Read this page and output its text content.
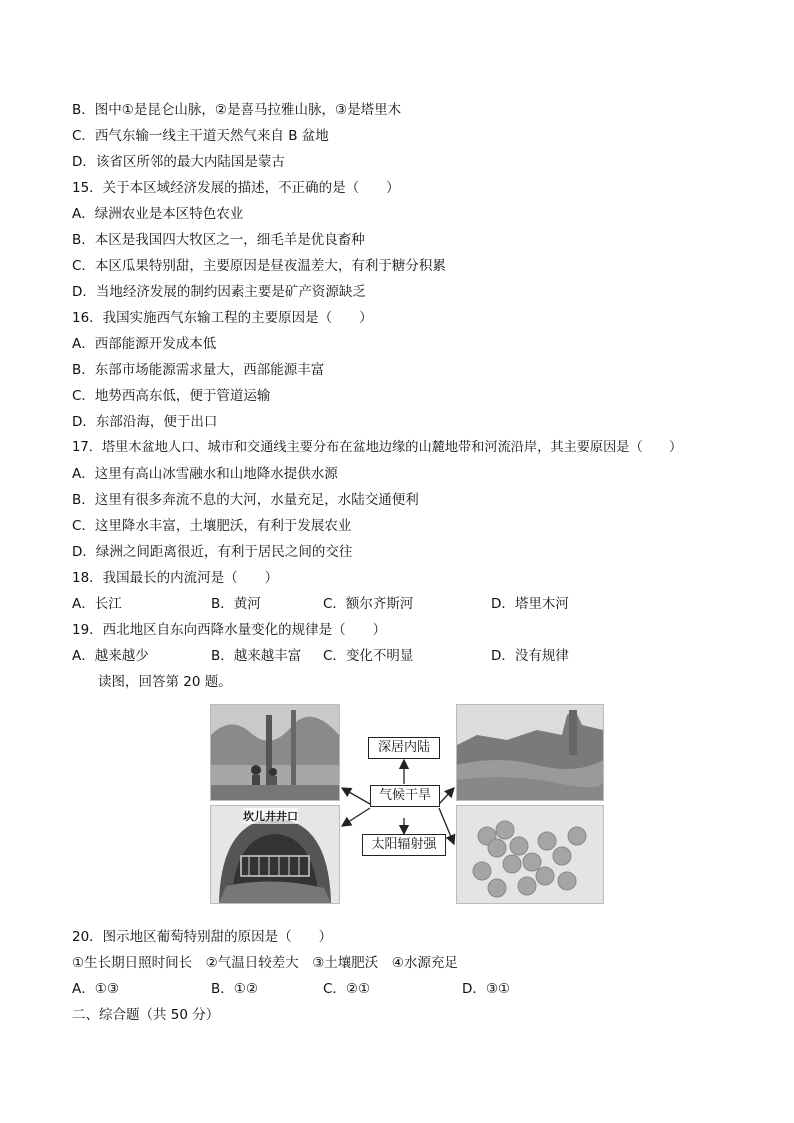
B．图中①是昆仑山脉，②是喜马拉雅山脉，③是塔里木
C．西气东输一线主干道天然气来自 B 盆地
D．该省区所邻的最大内陆国是蒙古
15．关于本区域经济发展的描述，不正确的是（　　）
A．绿洲农业是本区特色农业
B．本区是我国四大牧区之一，细毛羊是优良畜种
C．本区瓜果特别甜，主要原因是昼夜温差大，有利于糖分积累
D．当地经济发展的制约因素主要是矿产资源缺乏
16．我国实施西气东输工程的主要原因是（　　）
A．西部能源开发成本低
B．东部市场能源需求量大，西部能源丰富
C．地势西高东低，便于管道运输
D．东部沿海，便于出口
17．塔里木盆地人口、城市和交通线主要分布在盆地边缘的山麓地带和河流沿岸，其主要原因是（　　）
A．这里有高山冰雪融水和山地降水提供水源
B．这里有很多奔流不息的大河，水量充足，水陆交通便利
C．这里降水丰富，土壤肥沃，有利于发展农业
D．绿洲之间距离很近，有利于居民之间的交往
18．我国最长的内流河是（　　）
A．长江	B．黄河	C．额尔齐斯河	D．塔里木河
19．西北地区自东向西降水量变化的规律是（　　）
A．越来越少	B．越来越丰富 C．变化不明显	D．没有规律
读图，回答第 20 题。
坎儿井井口
深居内陆
气候干旱
太阳辐射强
20．图示地区葡萄特别甜的原因是（　　）
①生长期日照时间长　②气温日较差大　③土壤肥沃　④水源充足
A．①③	B．①②	C．②①	D．③①
二、综合题（共 50 分）
